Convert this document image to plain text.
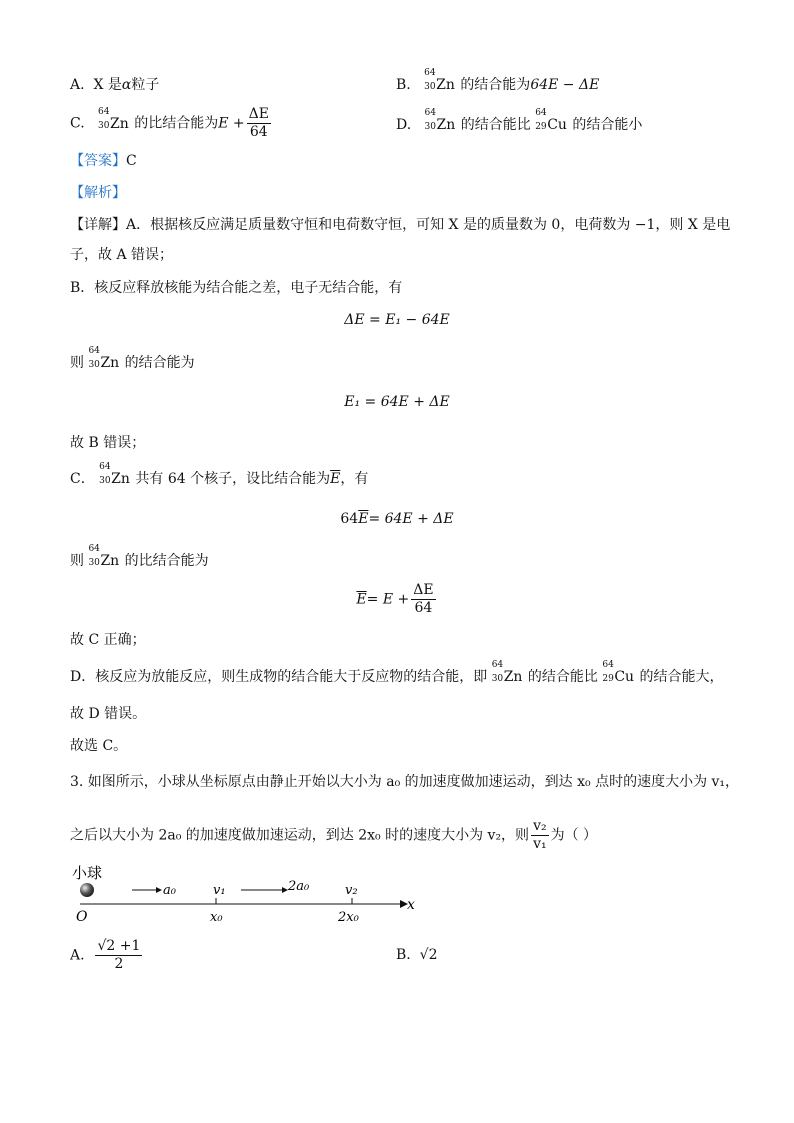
A. X 是α粒子	B.
64
30 Zn 的结合能为64E − ΔE
C.
64
30 Zn 的比结合能为$E + \frac{\Delta E}{64}$	D.
64
30 Zn 的结合能比
64
29 Cu 的结合能小
【答案】C
【解析】
【详解】A．根据核反应满足质量数守恒和电荷数守恒，可知 X 是的质量数为 0，电荷数为 −1，则 X 是电
子，故 A 错误；
B．核反应释放核能为结合能之差，电子无结合能，有
ΔE = E₁ − 64E
则
64
30 Zn 的结合能为
E₁ = 64E + ΔE
故 B 错误；
C．
64
30 Zn 共有 64 个核子，设比结合能为$\overline{E}$，有
$64\overline{E}= 64E + \Delta E$
则
64
30 Zn 的比结合能为
$\overline{E}= E + \frac{\Delta E}{64}$
故 C 正确；
D．核反应为放能反应，则生成物的结合能大于反应物的结合能，即
64
30 Zn 的结合能比
64
29 Cu 的结合能大，
故 D 错误。
故选 C。
3. 如图所示，小球从坐标原点由静止开始以大小为 a₀ 的加速度做加速运动，到达 x₀ 点时的速度大小为 v₁，
之后以大小为 2a₀ 的加速度做加速运动，到达 2x₀ 时的速度大小为 v₂，则 $\frac{\text{v₂}}{\text{v₁}}$ 为（ ）
小球
x
a₀	2a₀
v₁	v₂
O	x₀	2x₀
A. $\frac{√2 +1}{2}$	B. √2
